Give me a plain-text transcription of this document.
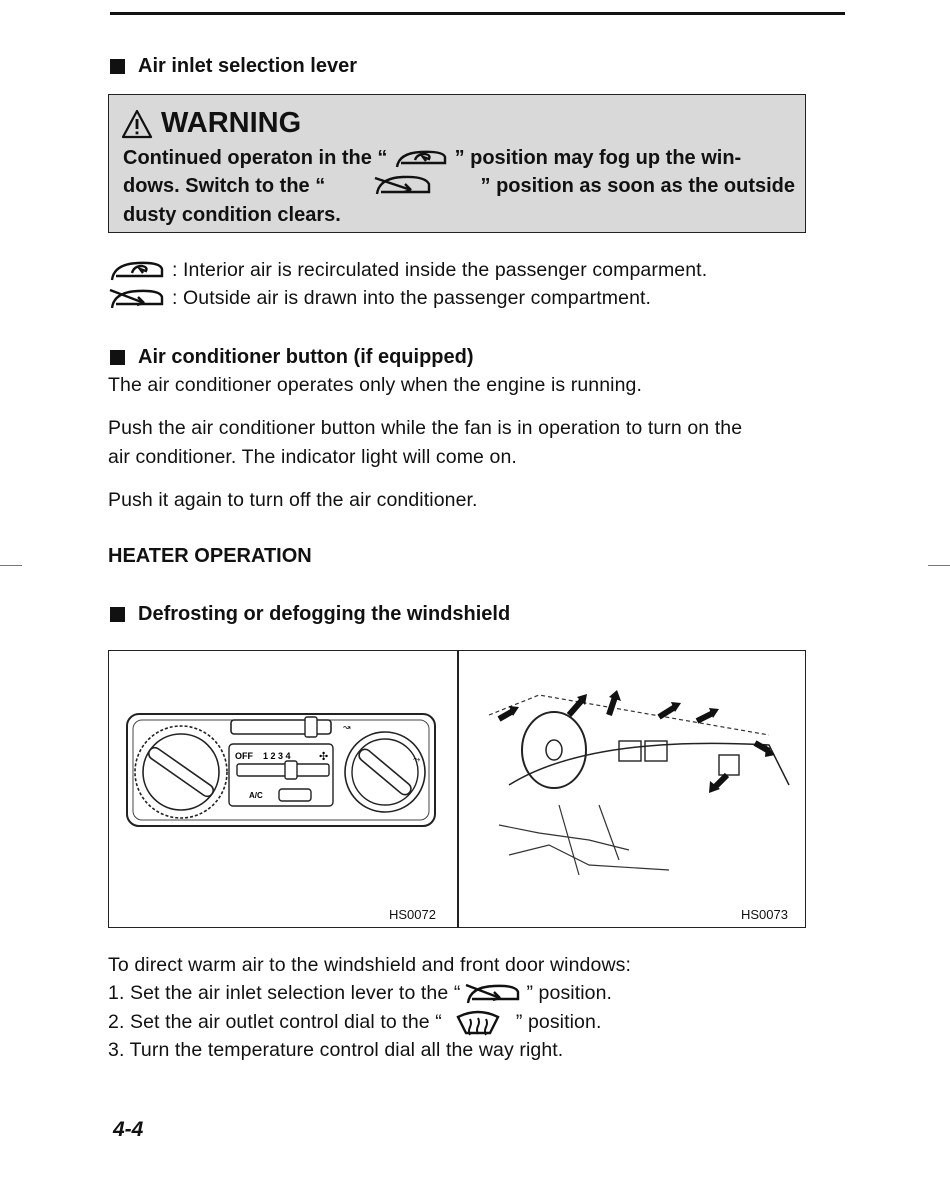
Air inlet selection lever
WARNING
Continued operaton in the “	” position may fog up the win-
dows. Switch to the “	” position as soon as the outside
dusty condition clears.
: Interior air is recirculated inside the passenger comparment.
: Outside air is drawn into the passenger compartment.
Air conditioner button (if equipped)
The air conditioner operates only when the engine is running.
Push the air conditioner button while the fan is in operation to turn on the
air conditioner. The indicator light will come on.
Push it again to turn off the air conditioner.
HEATER OPERATION
Defrosting or defogging the windshield
↝
⤳
OFF 1 2 3 4	✣
A/C
HS0072	HS0073
To direct warm air to the windshield and front door windows:
1. Set the air inlet selection lever to the “	” position.
2. Set the air outlet control dial to the “	” position.
3. Turn the temperature control dial all the way right.
4-4
